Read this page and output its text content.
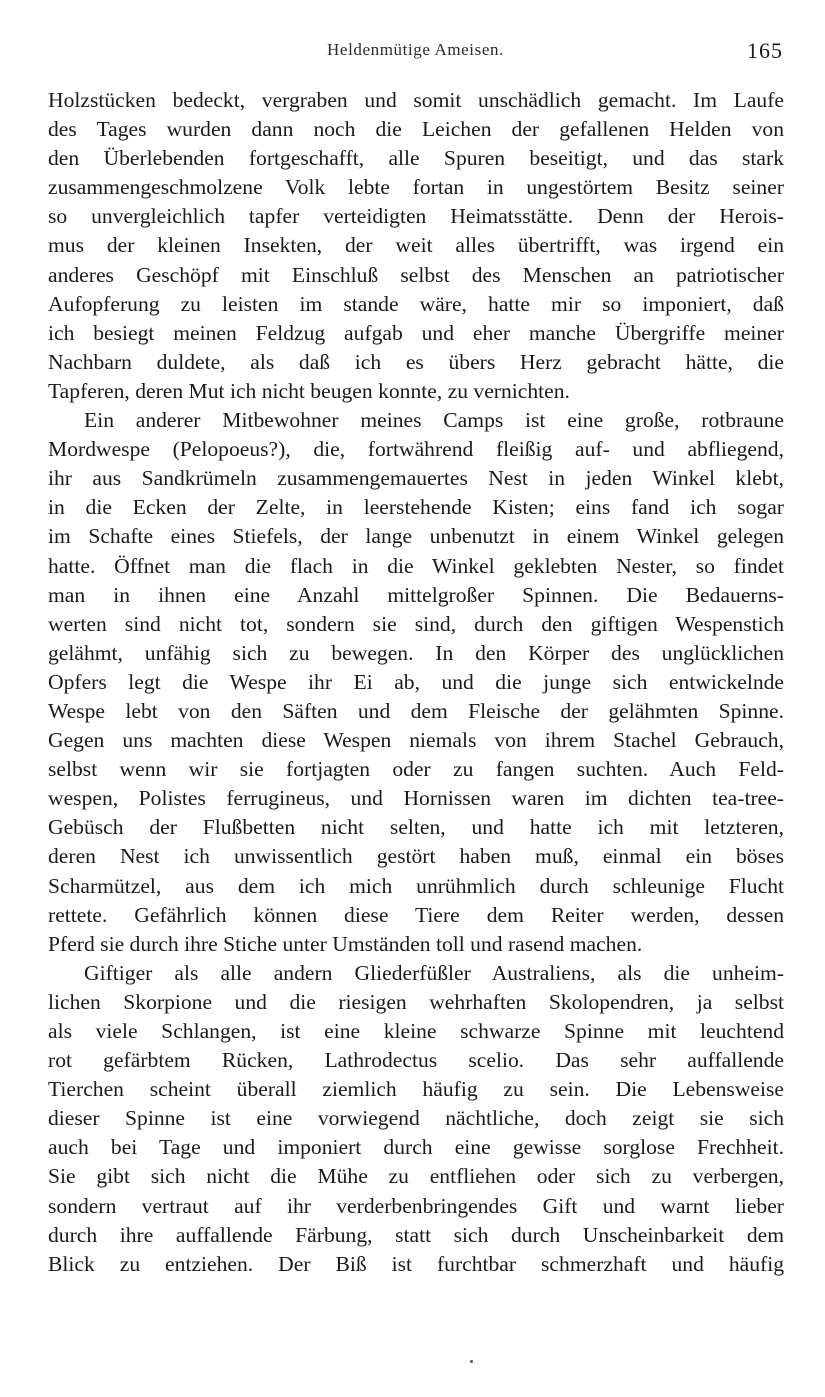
Heldenmütige Ameisen.	165
Holzstücken bedeckt, vergraben und somit unschädlich gemacht. Im Laufe
des Tages wurden dann noch die Leichen der gefallenen Helden von
den Überlebenden fortgeschafft, alle Spuren beseitigt, und das stark
zusammengeschmolzene Volk lebte fortan in ungestörtem Besitz seiner
so unvergleichlich tapfer verteidigten Heimatsstätte. Denn der Herois-
mus der kleinen Insekten, der weit alles übertrifft, was irgend ein
anderes Geschöpf mit Einschluß selbst des Menschen an patriotischer
Aufopferung zu leisten im stande wäre, hatte mir so imponiert, daß
ich besiegt meinen Feldzug aufgab und eher manche Übergriffe meiner
Nachbarn duldete, als daß ich es übers Herz gebracht hätte, die
Tapferen, deren Mut ich nicht beugen konnte, zu vernichten.
Ein anderer Mitbewohner meines Camps ist eine große, rotbraune
Mordwespe (Pelopoeus?), die, fortwährend fleißig auf- und abfliegend,
ihr aus Sandkrümeln zusammengemauertes Nest in jeden Winkel klebt,
in die Ecken der Zelte, in leerstehende Kisten; eins fand ich sogar
im Schafte eines Stiefels, der lange unbenutzt in einem Winkel gelegen
hatte. Öffnet man die flach in die Winkel geklebten Nester, so findet
man in ihnen eine Anzahl mittelgroßer Spinnen. Die Bedauerns-
werten sind nicht tot, sondern sie sind, durch den giftigen Wespenstich
gelähmt, unfähig sich zu bewegen. In den Körper des unglücklichen
Opfers legt die Wespe ihr Ei ab, und die junge sich entwickelnde
Wespe lebt von den Säften und dem Fleische der gelähmten Spinne.
Gegen uns machten diese Wespen niemals von ihrem Stachel Gebrauch,
selbst wenn wir sie fortjagten oder zu fangen suchten. Auch Feld-
wespen, Polistes ferrugineus, und Hornissen waren im dichten tea-tree-
Gebüsch der Flußbetten nicht selten, und hatte ich mit letzteren,
deren Nest ich unwissentlich gestört haben muß, einmal ein böses
Scharmützel, aus dem ich mich unrühmlich durch schleunige Flucht
rettete. Gefährlich können diese Tiere dem Reiter werden, dessen
Pferd sie durch ihre Stiche unter Umständen toll und rasend machen.
Giftiger als alle andern Gliederfüßler Australiens, als die unheim-
lichen Skorpione und die riesigen wehrhaften Skolopendren, ja selbst
als viele Schlangen, ist eine kleine schwarze Spinne mit leuchtend
rot gefärbtem Rücken, Lathrodectus scelio. Das sehr auffallende
Tierchen scheint überall ziemlich häufig zu sein. Die Lebensweise
dieser Spinne ist eine vorwiegend nächtliche, doch zeigt sie sich
auch bei Tage und imponiert durch eine gewisse sorglose Frechheit.
Sie gibt sich nicht die Mühe zu entfliehen oder sich zu verbergen,
sondern vertraut auf ihr verderbenbringendes Gift und warnt lieber
durch ihre auffallende Färbung, statt sich durch Unscheinbarkeit dem
Blick zu entziehen. Der Biß ist furchtbar schmerzhaft und häufig
